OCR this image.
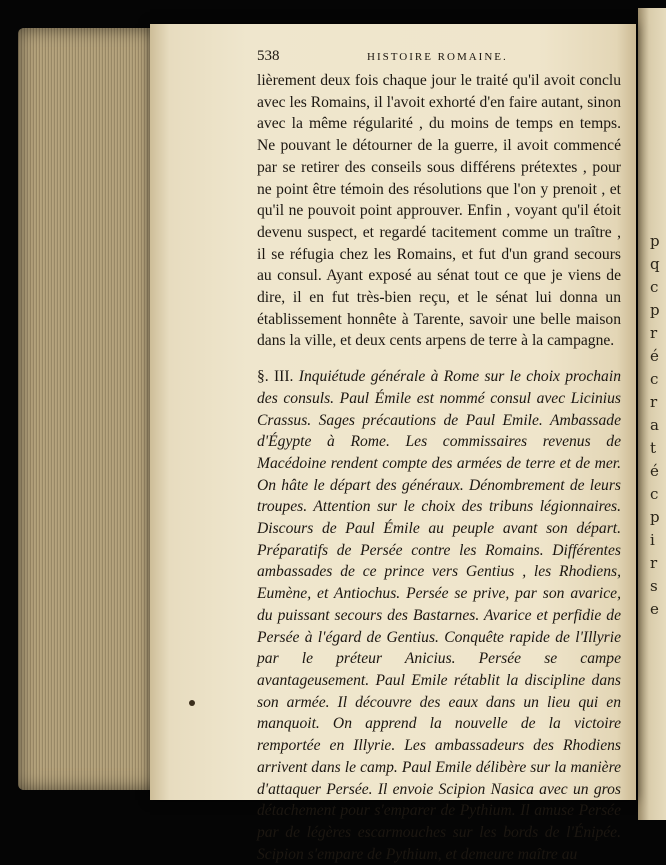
p
q
c
p
r
é
c
r
a
t
é
c
p
i
r
s
e
538	HISTOIRE ROMAINE.

lièrement deux fois chaque jour le traité qu'il avoit conclu avec les Romains, il l'avoit exhorté d'en faire autant, sinon avec la même régularité , du moins de temps en temps. Ne pouvant le détourner de la guerre, il avoit commencé par se retirer des conseils sous différens prétextes , pour ne point être témoin des résolutions que l'on y prenoit , et qu'il ne pouvoit point approuver. Enfin , voyant qu'il étoit devenu suspect, et regardé tacitement comme un traître , il se réfugia chez les Romains, et fut d'un grand secours au consul. Ayant exposé au sénat tout ce que je viens de dire, il en fut très-bien reçu, et le sénat lui donna un établissement honnête à Tarente, savoir une belle maison dans la ville, et deux cents arpens de terre à la campagne.

§. III. Inquiétude générale à Rome sur le choix prochain des consuls. Paul Émile est nommé consul avec Licinius Crassus. Sages précautions de Paul Emile. Ambassade d'Égypte à Rome. Les commissaires revenus de Macédoine rendent compte des armées de terre et de mer. On hâte le départ des généraux. Dénombrement de leurs troupes. Attention sur le choix des tribuns légionnaires. Discours de Paul Émile au peuple avant son départ. Préparatifs de Persée contre les Romains. Différentes ambassades de ce prince vers Gentius , les Rhodiens, Eumène, et Antiochus. Persée se prive, par son avarice, du puissant secours des Bastarnes. Avarice et perfidie de Persée à l'égard de Gentius. Conquête rapide de l'Illyrie par le préteur Anicius. Persée se campe avantageusement. Paul Emile rétablit la discipline dans son armée. Il découvre des eaux dans un lieu qui en manquoit. On apprend la nouvelle de la victoire remportée en Illyrie. Les ambassadeurs des Rhodiens arrivent dans le camp. Paul Emile délibère sur la manière d'attaquer Persée. Il envoie Scipion Nasica avec un gros détachement pour s'emparer de Pythium. Il amuse Persée par de légères escarmouches sur les bords de l'Énipée. Scipion s'empare de Pythium, et demeure maître au
